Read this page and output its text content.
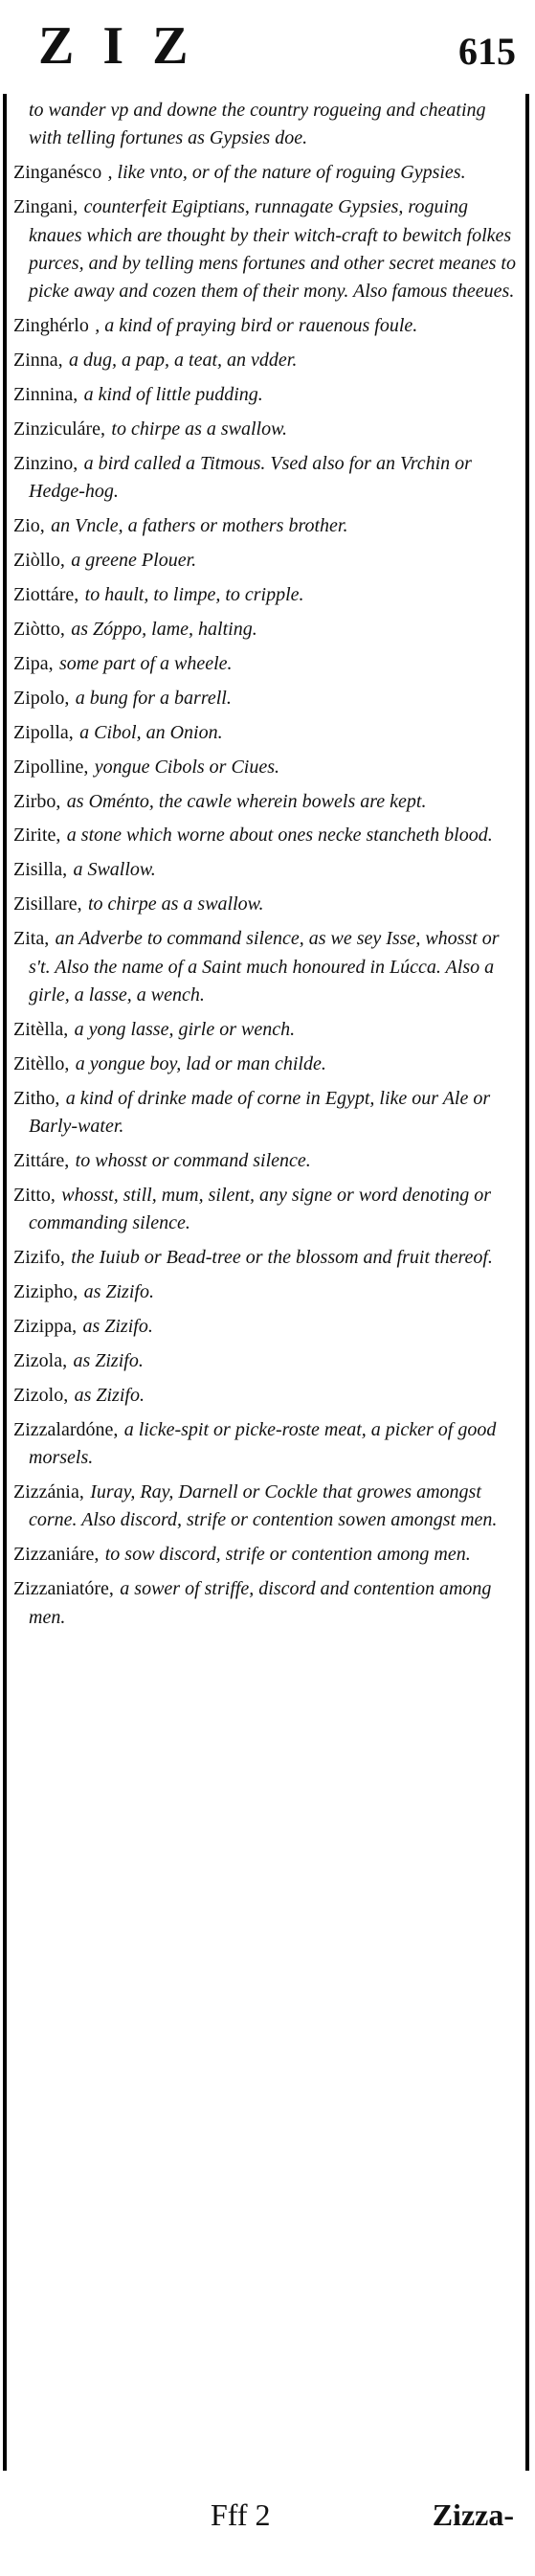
ZIZ	615

to wander vp and downe the country rogueing and cheating with telling fortunes as Gypsies doe.

Zinganésco , like vnto, or of the nature of roguing Gypsies.

Zingani, counterfeit Egiptians, runnagate Gypsies, roguing knaues which are thought by their witch-craft to bewitch folkes purces, and by telling mens fortunes and other secret meanes to picke away and cozen them of their mony. Also famous theeues.

Zinghérlo , a kind of praying bird or rauenous foule.

Zinna, a dug, a pap, a teat, an vdder.

Zinnina, a kind of little pudding.

Zinziculáre, to chirpe as a swallow.

Zinzino, a bird called a Titmous. Vsed also for an Vrchin or Hedge-hog.

Zio, an Vncle, a fathers or mothers brother.

Ziòllo, a greene Plouer.

Ziottáre, to hault, to limpe, to cripple.

Ziòtto, as Zóppo, lame, halting.

Zipa, some part of a wheele.

Zipolo, a bung for a barrell.

Zipolla, a Cibol, an Onion.

Zipolline, yongue Cibols or Ciues.

Zirbo, as Oménto, the cawle wherein bowels are kept.

Zirite, a stone which worne about ones necke stancheth blood.

Zisilla, a Swallow.

Zisillare, to chirpe as a swallow.

Zita, an Adverbe to command silence, as we sey Isse, whosst or s't. Also the name of a Saint much honoured in Lúcca. Also a girle, a lasse, a wench.

Zitèlla, a yong lasse, girle or wench.

Zitèllo, a yongue boy, lad or man childe.

Zitho, a kind of drinke made of corne in Egypt, like our Ale or Barly-water.

Zittáre, to whosst or command silence.

Zitto, whosst, still, mum, silent, any signe or word denoting or commanding silence.

Zizifo, the Iuiub or Bead-tree or the blossom and fruit thereof.

Zizipho, as Zizifo.

Zizippa, as Zizifo.

Zizola, as Zizifo.

Zizolo, as Zizifo.

Zizzalardóne, a licke-spit or picke-roste meat, a picker of good morsels.

Zizzánia, Iuray, Ray, Darnell or Cockle that growes amongst corne. Also discord, strife or contention sowen amongst men.

Zizzaniáre, to sow discord, strife or contention among men.

Zizzaniatóre, a sower of striffe, discord and contention among men.

Fff 2	Zizza-
